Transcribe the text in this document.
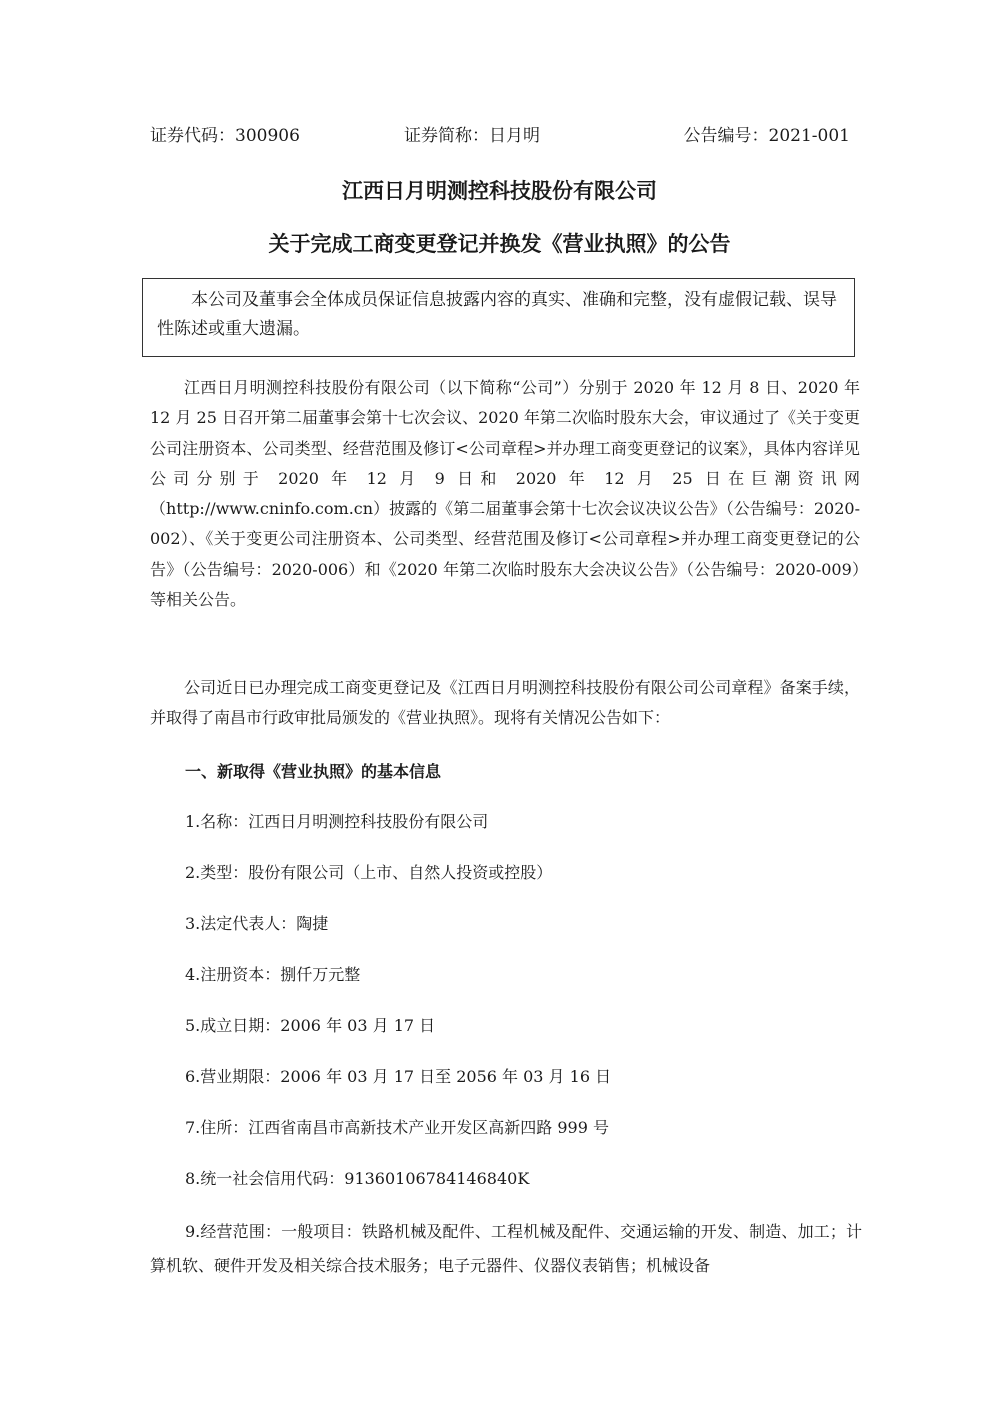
证券代码：300906	证券简称：日月明	公告编号：2021-001
江西日月明测控科技股份有限公司
关于完成工商变更登记并换发《营业执照》的公告

本公司及董事会全体成员保证信息披露内容的真实、准确和完整，没有虚假记载、误导性陈述或重大遗漏。

江西日月明测控科技股份有限公司（以下简称“公司”）分别于 2020 年 12 月 8 日、2020 年 12 月 25 日召开第二届董事会第十七次会议、2020 年第二次临时股东大会，审议通过了《关于变更公司注册资本、公司类型、经营范围及修订<公司章程>并办理工商变更登记的议案》，具体内容详见公司分别于 2020 年 12 月 9 日和 2020 年 12 月 25 日在巨潮资讯网（http://www.cninfo.com.cn）披露的《第二届董事会第十七次会议决议公告》（公告编号：2020-002）、《关于变更公司注册资本、公司类型、经营范围及修订<公司章程>并办理工商变更登记的公告》（公告编号：2020-006）和《2020 年第二次临时股东大会决议公告》（公告编号：2020-009）等相关公告。

公司近日已办理完成工商变更登记及《江西日月明测控科技股份有限公司公司章程》备案手续，并取得了南昌市行政审批局颁发的《营业执照》。现将有关情况公告如下：

一、新取得《营业执照》的基本信息
1.名称：江西日月明测控科技股份有限公司
2.类型：股份有限公司（上市、自然人投资或控股）
3.法定代表人：陶捷
4.注册资本：捌仟万元整
5.成立日期：2006 年 03 月 17 日
6.营业期限：2006 年 03 月 17 日至 2056 年 03 月 16 日
7.住所：江西省南昌市高新技术产业开发区高新四路 999 号
8.统一社会信用代码：91360106784146840K

9.经营范围：一般项目：铁路机械及配件、工程机械及配件、交通运输的开发、制造、加工；计算机软、硬件开发及相关综合技术服务；电子元器件、仪器仪表销售；机械设备
